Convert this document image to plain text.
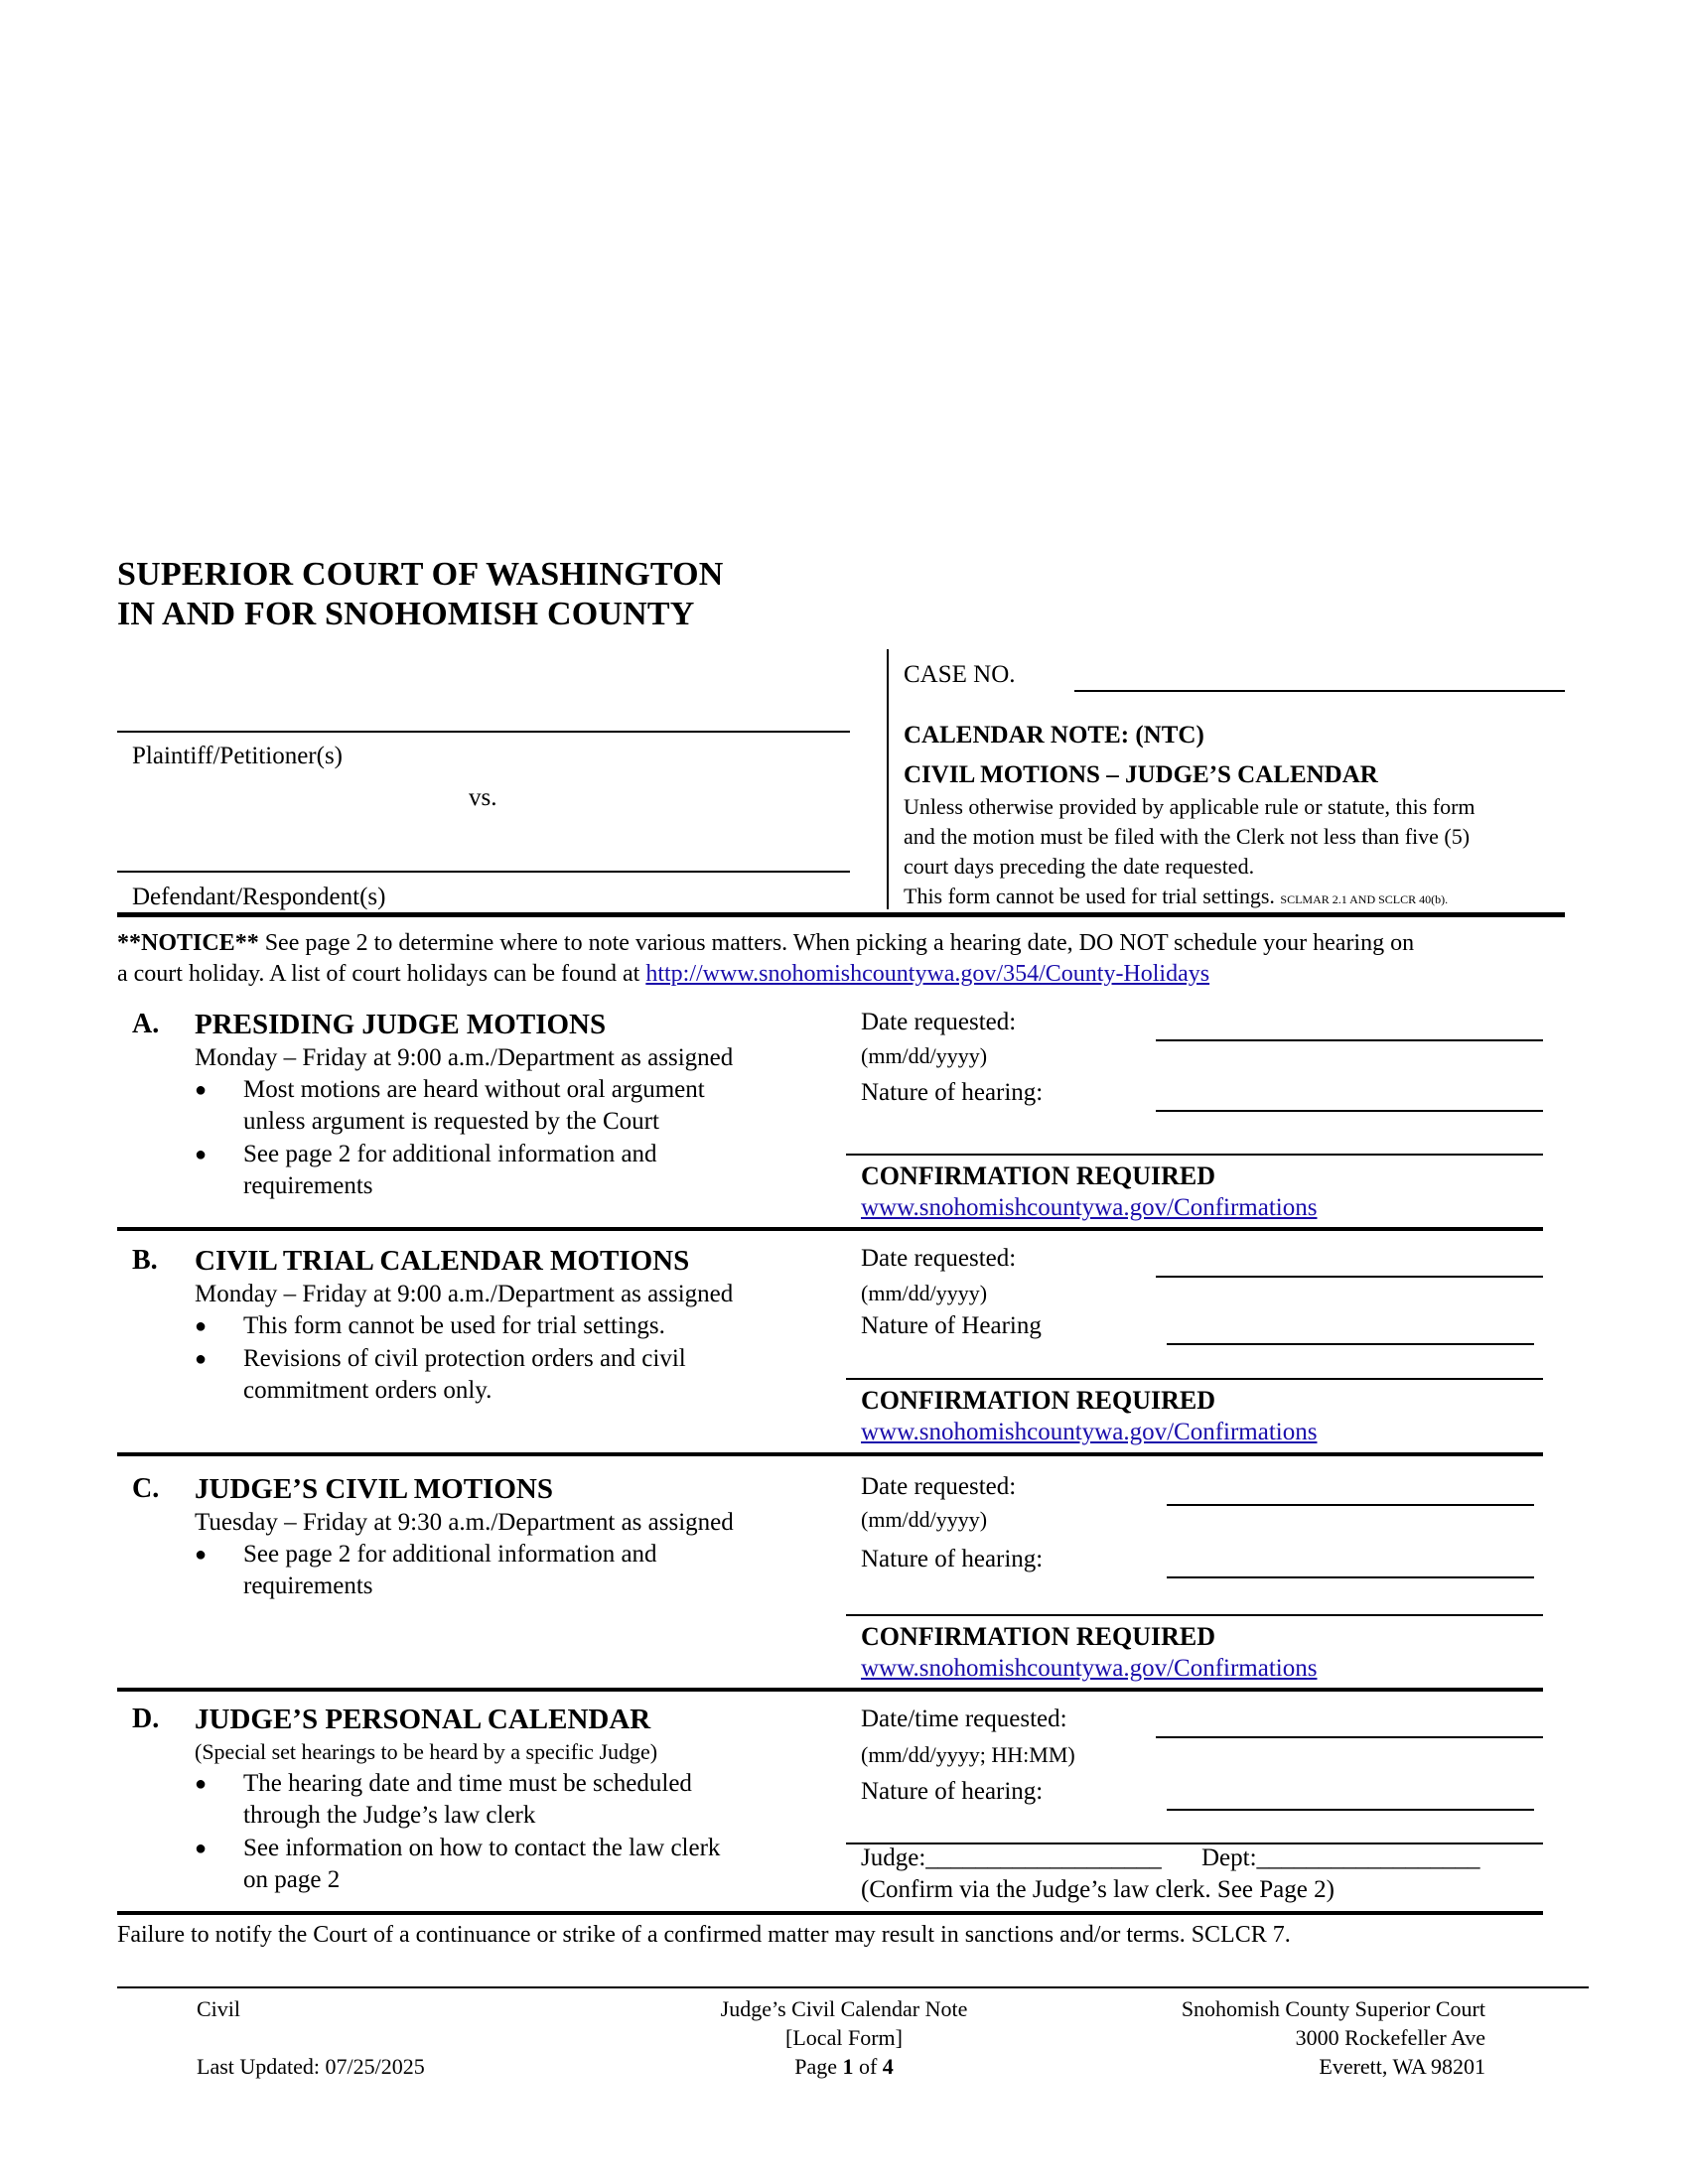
SUPERIOR COURT OF WASHINGTON
IN AND FOR SNOHOMISH COUNTY
Plaintiff/Petitioner(s)
vs.
Defendant/Respondent(s)
CASE NO.
CALENDAR NOTE: (NTC)
CIVIL MOTIONS – JUDGE’S CALENDAR
Unless otherwise provided by applicable rule or statute, this form
and the motion must be filed with the Clerk not less than five (5)
court days preceding the date requested.
This form cannot be used for trial settings. SCLMAR 2.1 AND SCLCR 40(b).
**NOTICE** See page 2 to determine where to note various matters. When picking a hearing date, DO NOT schedule your hearing on
a court holiday. A list of court holidays can be found at http://www.snohomishcountywa.gov/354/County-Holidays
A. PRESIDING JUDGE MOTIONS
Monday – Friday at 9:00 a.m./Department as assigned
● Most motions are heard without oral argument
unless argument is requested by the Court
● See page 2 for additional information and
requirements
Date requested:
(mm/dd/yyyy)
Nature of hearing:
CONFIRMATION REQUIRED
www.snohomishcountywa.gov/Confirmations
B. CIVIL TRIAL CALENDAR MOTIONS
Monday – Friday at 9:00 a.m./Department as assigned
● This form cannot be used for trial settings.
● Revisions of civil protection orders and civil
commitment orders only.
Date requested:
(mm/dd/yyyy)
Nature of Hearing
CONFIRMATION REQUIRED
www.snohomishcountywa.gov/Confirmations
C. JUDGE’S CIVIL MOTIONS
Tuesday – Friday at 9:30 a.m./Department as assigned
● See page 2 for additional information and
requirements
Date requested:
(mm/dd/yyyy)
Nature of hearing:
CONFIRMATION REQUIRED
www.snohomishcountywa.gov/Confirmations
D. JUDGE’S PERSONAL CALENDAR
(Special set hearings to be heard by a specific Judge)
● The hearing date and time must be scheduled
through the Judge’s law clerk
● See information on how to contact the law clerk
on page 2
Date/time requested:
(mm/dd/yyyy; HH:MM)
Nature of hearing:
Judge:___________________ Dept:__________________
(Confirm via the Judge’s law clerk. See Page 2)
Failure to notify the Court of a continuance or strike of a confirmed matter may result in sanctions and/or terms. SCLCR 7.
Civil
Last Updated: 07/25/2025
Judge’s Civil Calendar Note
[Local Form]
Page 1 of 4
Snohomish County Superior Court
3000 Rockefeller Ave
Everett, WA 98201
